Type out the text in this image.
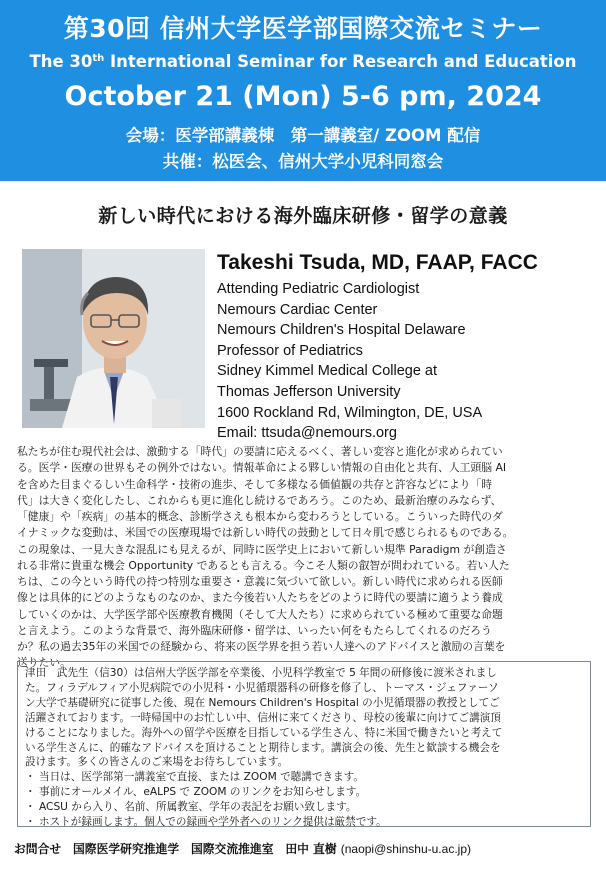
第30回 信州大学医学部国際交流セミナー
The 30th International Seminar for Research and Education
October 21 (Mon) 5-6 pm, 2024
会場：医学部講義棟　第一講義室/ ZOOM 配信
共催：松医会、信州大学小児科同窓会
新しい時代における海外臨床研修・留学の意義
Takeshi Tsuda, MD, FAAP, FACC
Attending Pediatric Cardiologist
Nemours Cardiac Center
Nemours Children's Hospital Delaware
Professor of Pediatrics
Sidney Kimmel Medical College at
Thomas Jefferson University
1600 Rockland Rd, Wilmington, DE, USA
Email: ttsuda@nemours.org
私たちが住む現代社会は、激動する「時代」の要請に応えるべく、著しい変容と進化が求められてい
る。医学・医療の世界もその例外ではない。情報革命による夥しい情報の自由化と共有、人工頭脳 AI
を含めた目まぐるしい生命科学・技術の進歩、そして多様なる価値観の共存と許容などにより「時
代」は大きく変化したし、これからも更に進化し続けるであろう。このため、最新治療のみならず、
「健康」や「疾病」の基本的概念、診断学さえも根本から変わろうとしている。こういった時代のダ
イナミックな変動は、米国での医療現場では新しい時代の鼓動として日々肌で感じられるものである。
この現象は、一見大きな混乱にも見えるが、同時に医学史上において新しい規準 Paradigm が創造さ
れる非常に貴重な機会 Opportunity であるとも言える。今こそ人類の叡智が問われている。若い人た
ちは、この今という時代の持つ特別な重要さ・意義に気づいて欲しい。新しい時代に求められる医師
像とは具体的にどのようなものなのか、また今後若い人たちをどのように時代の要請に適うよう養成
していくのかは、大学医学部や医療教育機関（そして大人たち）に求められている極めて重要な命題
と言えよう。このような背景で、海外臨床研修・留学は、いったい何をもたらしてくれるのだろう
か？私の過去35年の米国での経験から、将来の医学界を担う若い人達へのアドバイスと激励の言葉を
送りたい。
津田　武先生（信30）は信州大学医学部を卒業後、小児科学教室で 5 年間の研修後に渡米されまし
た。フィラデルフィア小児病院での小児科・小児循環器科の研修を修了し、トーマス・ジェファーソ
ン大学で基礎研究に従事した後、現在 Nemours Children's Hospital の小児循環器の教授としてご
活躍されております。一時帰国中のお忙しい中、信州に来てくださり、母校の後輩に向けてご講演頂
けることになりました。海外への留学や医療を目指している学生さん、特に米国で働きたいと考えて
いる学生さんに、的確なアドバイスを頂けることと期待します。講演会の後、先生と歓談する機会を
設けます。多くの皆さんのご来場をお待ちしています。
・ 当日は、医学部第一講義室で直接、または ZOOM で聴講できます。
・ 事前にオールメイル、eALPS で ZOOM のリンクをお知らせします。
・ ACSU から入り、名前、所属教室、学年の表記をお願い致します。
・ ホストが録画します。個人での録画や学外者へのリンク提供は厳禁です。
お問合せ　国際医学研究推進学　国際交流推進室　田中 直樹 (naopi@shinshu-u.ac.jp)
